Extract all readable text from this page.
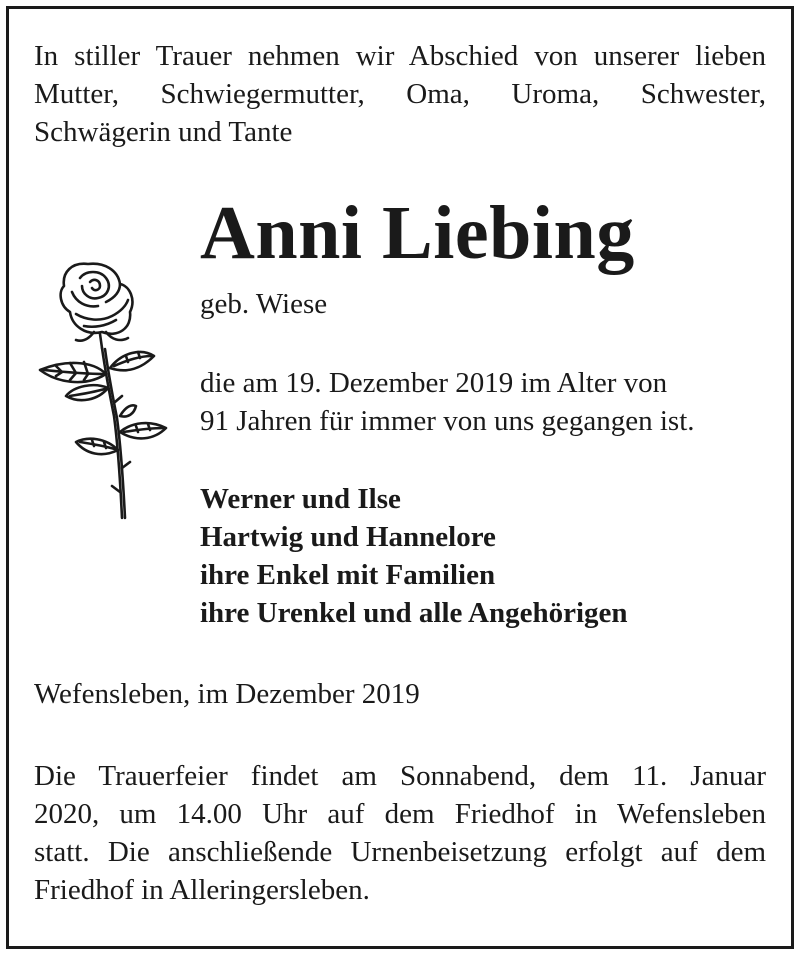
In stiller Trauer nehmen wir Abschied von unserer lieben
Mutter, Schwiegermutter, Oma, Uroma, Schwester,
Schwägerin und Tante
Anni Liebing
geb. Wiese
die am 19. Dezember 2019 im Alter von
91 Jahren für immer von uns gegangen ist.
Werner und Ilse
Hartwig und Hannelore
ihre Enkel mit Familien
ihre Urenkel und alle Angehörigen
Wefensleben, im Dezember 2019
Die Trauerfeier findet am Sonnabend, dem 11. Januar
2020, um 14.00 Uhr auf dem Friedhof in Wefensleben
statt. Die anschließende Urnenbeisetzung erfolgt auf dem
Friedhof in Alleringersleben.
